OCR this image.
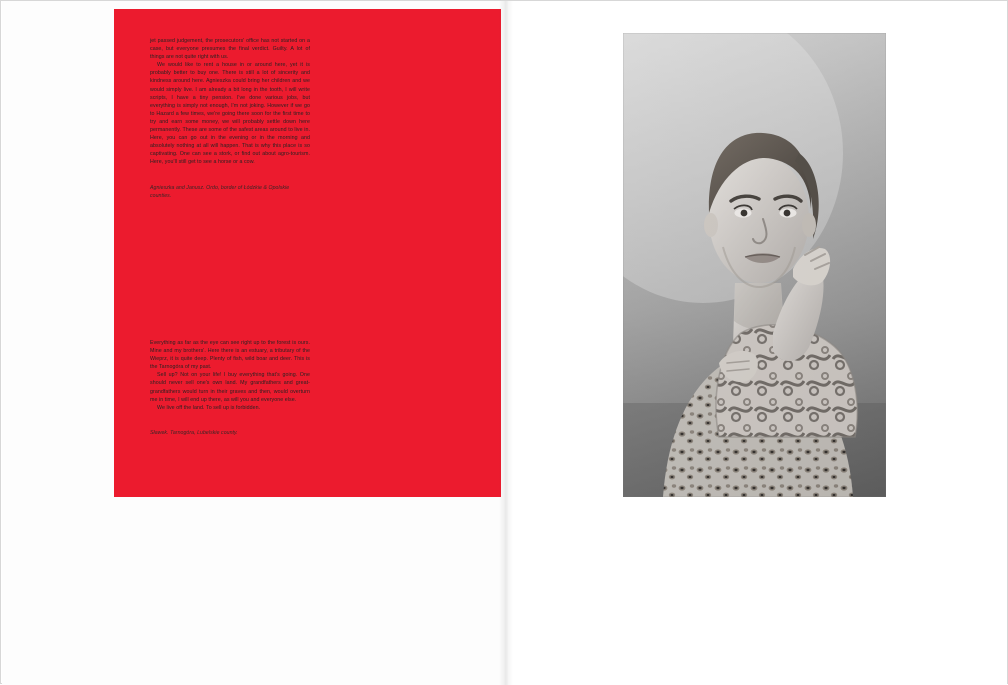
jet passed judgement, the prosecutors' office has not started on a case, but everyone presumes the final verdict. Guilty. A lot of things are not quite right with us.

We would like to rent a house in or around here, yet it is probably better to buy one. There is still a lot of sincerity and kindness around here. Agnieszka could bring her children and we would simply live. I am already a bit long in the tooth, I will write scripts, I have a tiny pension. I've done various jobs, but everything is simply not enough, I'm not joking. However if we go to Hazard a few times, we're going there soon for the first time to try and earn some money, we will probably settle down here permanently. These are some of the safest areas around to live in. Here, you can go out in the evening or in the morning and absolutely nothing at all will happen. That is why this place is so captivating. One can see a stork, or find out about agro-tourism. Here, you'll still get to see a horse or a cow.

Agnieszka and Janusz. Ordo, border of Łódzkie & Opolskie counties.

Everything as far as the eye can see right up to the forest is ours. Mine and my brothers'. Here there is an estuary, a tributary of the Wieprz, it is quite deep. Plenty of fish, wild boar and deer. This is the Tarnogóra of my past.

Sell up? Not on your life! I buy everything that's going. One should never sell one's own land. My grandfathers and great-grandfathers would turn in their graves and then, would overturn me in time, I will end up there, as will you and everyone else.

We live off the land. To sell up is forbidden.

Sławek. Tarnogóra, Lubelskie county.
